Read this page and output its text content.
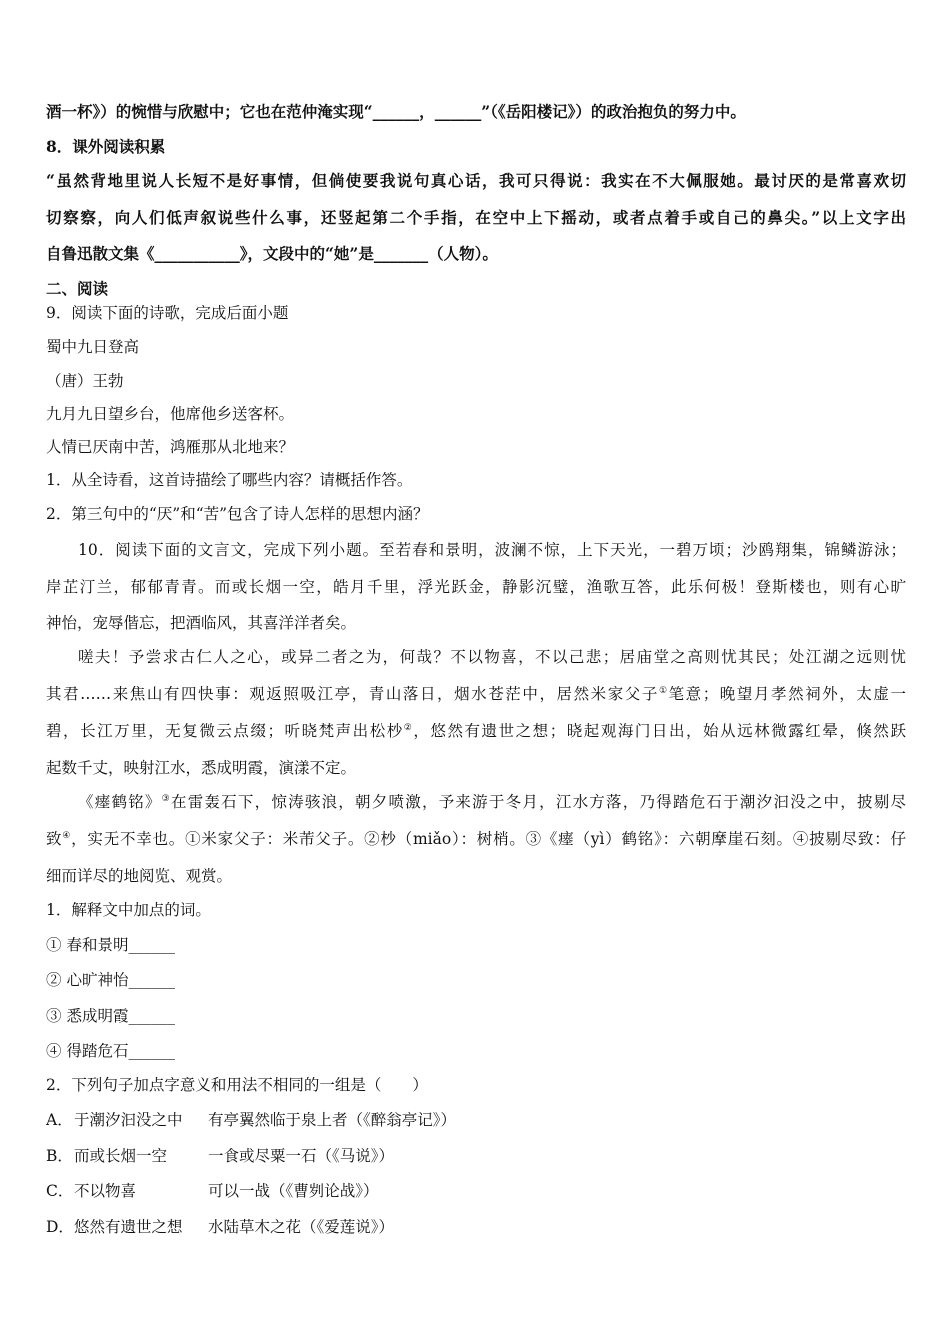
酒一杯》）的惋惜与欣慰中；它也在范仲淹实现“______，______”（《岳阳楼记》）的政治抱负的努力中。
8．课外阅读积累
“虽然背地里说人长短不是好事情，但倘使要我说句真心话，我可只得说：我实在不大佩服她。最讨厌的是常喜欢切
切察察，向人们低声叙说些什么事，还竖起第二个手指，在空中上下摇动，或者点着手或自己的鼻尖。”以上文字出
自鲁迅散文集《___________》，文段中的“她”是_______（人物）。
二、阅读
9．阅读下面的诗歌，完成后面小题
蜀中九日登高
（唐）王勃
九月九日望乡台，他席他乡送客杯。
人情已厌南中苦，鸿雁那从北地来？
1．从全诗看，这首诗描绘了哪些内容？请概括作答。
2．第三句中的“厌”和“苦”包含了诗人怎样的思想内涵？
10．阅读下面的文言文，完成下列小题。至若春和景明，波澜不惊，上下天光，一碧万顷；沙鸥翔集，锦鳞游泳；
岸芷汀兰，郁郁青青。而或长烟一空，皓月千里，浮光跃金，静影沉璧，渔歌互答，此乐何极！登斯楼也，则有心旷
神怡，宠辱偕忘，把酒临风，其喜洋洋者矣。
嗟夫！予尝求古仁人之心，或异二者之为，何哉？不以物喜，不以己悲；居庙堂之高则忧其民；处江湖之远则忧
其君……来焦山有四快事：观返照吸江亭，青山落日，烟水苍茫中，居然米家父子①笔意；晚望月孝然祠外，太虚一
碧，长江万里，无复微云点缀；听晓梵声出松杪②，悠然有遗世之想；晓起观海门日出，始从远林微露红晕，倏然跃
起数千丈，映射江水，悉成明霞，演漾不定。
《瘗鹤铭》③在雷轰石下，惊涛骇浪，朝夕喷激，予来游于冬月，江水方落，乃得踏危石于潮汐汩没之中，披剔尽
致④，实无不幸也。①米家父子：米芾父子。②杪（miǎo）：树梢。③《瘗（yì）鹤铭》：六朝摩崖石刻。④披剔尽致：仔
细而详尽的地阅览、观赏。
1．解释文中加点的词。
① 春和景明______
② 心旷神怡______
③ 悉成明霞______
④ 得踏危石______
2．下列句子加点字意义和用法不相同的一组是（　　）
A．于潮汐汩没之中 有亭翼然临于泉上者（《醉翁亭记》）
B．而或长烟一空	一食或尽粟一石（《马说》）
C．不以物喜	可以一战（《曹刿论战》）
D．悠然有遗世之想 水陆草木之花（《爱莲说》）
